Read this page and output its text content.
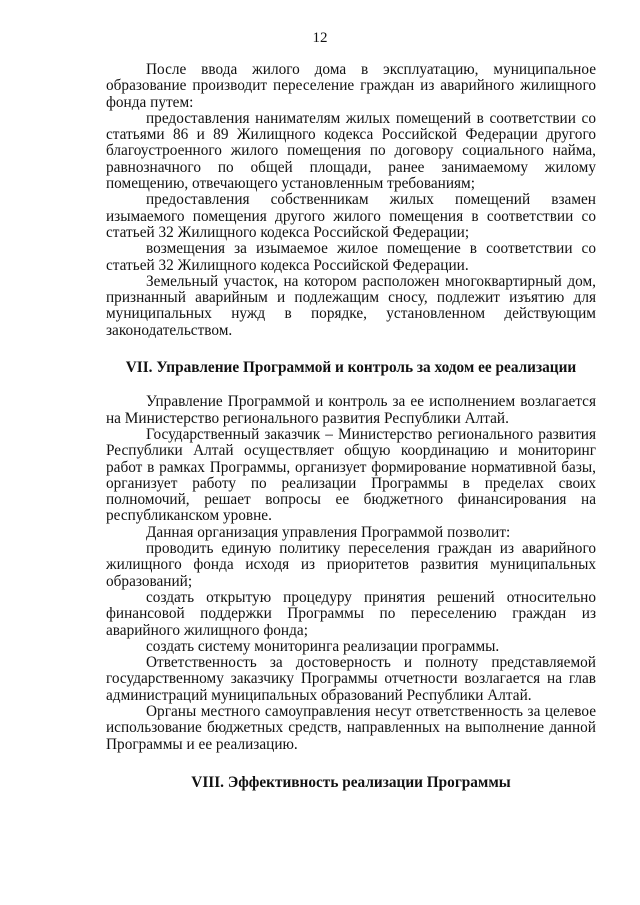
12

После ввода жилого дома в эксплуатацию, муниципальное образование производит переселение граждан из аварийного жилищного фонда путем:

предоставления нанимателям жилых помещений в соответствии со статьями 86 и 89 Жилищного кодекса Российской Федерации другого благоустроенного жилого помещения по договору социального найма, равнозначного по общей площади, ранее занимаемому жилому помещению, отвечающего установленным требованиям;

предоставления собственникам жилых помещений взамен изымаемого помещения другого жилого помещения в соответствии со статьей 32 Жилищного кодекса Российской Федерации;

возмещения за изымаемое жилое помещение в соответствии со статьей 32 Жилищного кодекса Российской Федерации.

Земельный участок, на котором расположен многоквартирный дом, признанный аварийным и подлежащим сносу, подлежит изъятию для муниципальных нужд в порядке, установленном действующим законодательством.

VII. Управление Программой и контроль за ходом ее реализации

Управление Программой и контроль за ее исполнением возлагается на Министерство регионального развития Республики Алтай.

Государственный заказчик – Министерство регионального развития Республики Алтай осуществляет общую координацию и мониторинг работ в рамках Программы, организует формирование нормативной базы, организует работу по реализации Программы в пределах своих полномочий, решает вопросы ее бюджетного финансирования на республиканском уровне.

Данная организация управления Программой позволит:

проводить единую политику переселения граждан из аварийного жилищного фонда исходя из приоритетов развития муниципальных образований;

создать открытую процедуру принятия решений относительно финансовой поддержки Программы по переселению граждан из аварийного жилищного фонда;

создать систему мониторинга реализации программы.

Ответственность за достоверность и полноту представляемой государственному заказчику Программы отчетности возлагается на глав администраций муниципальных образований Республики Алтай.

Органы местного самоуправления несут ответственность за целевое использование бюджетных средств, направленных на выполнение данной Программы и ее реализацию.

VIII. Эффективность реализации Программы
